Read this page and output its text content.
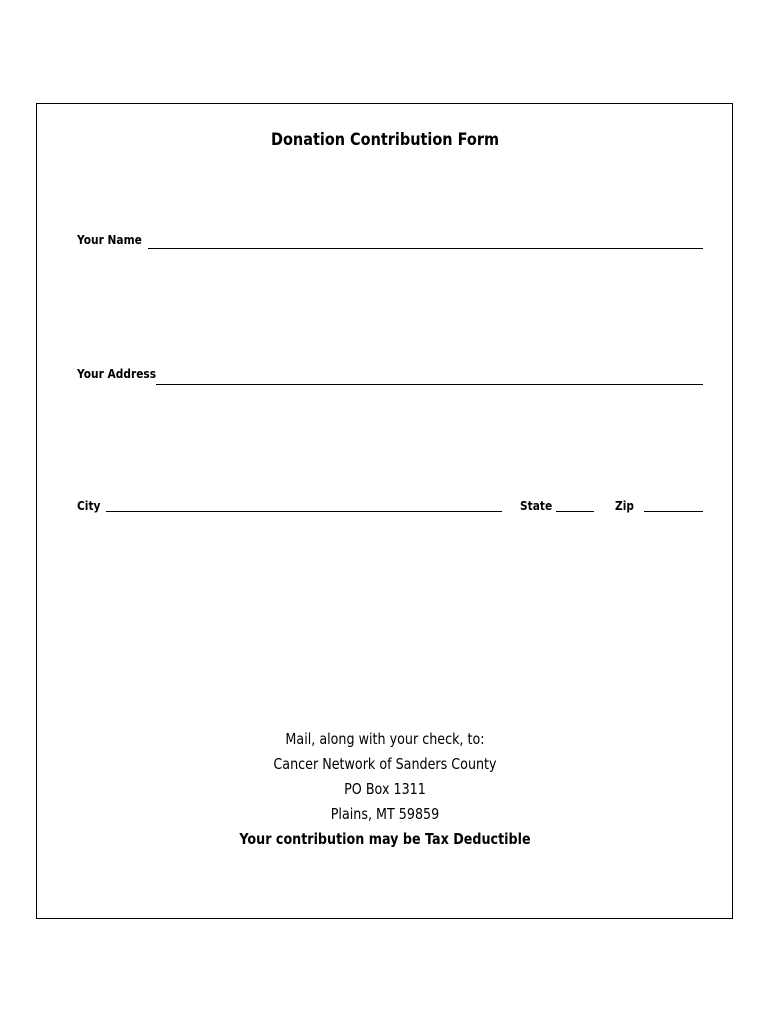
Donation Contribution Form
Your Name
Your Address
City	State	Zip
Mail, along with your check, to:
Cancer Network of Sanders County
PO Box 1311
Plains, MT 59859
Your contribution may be Tax Deductible
